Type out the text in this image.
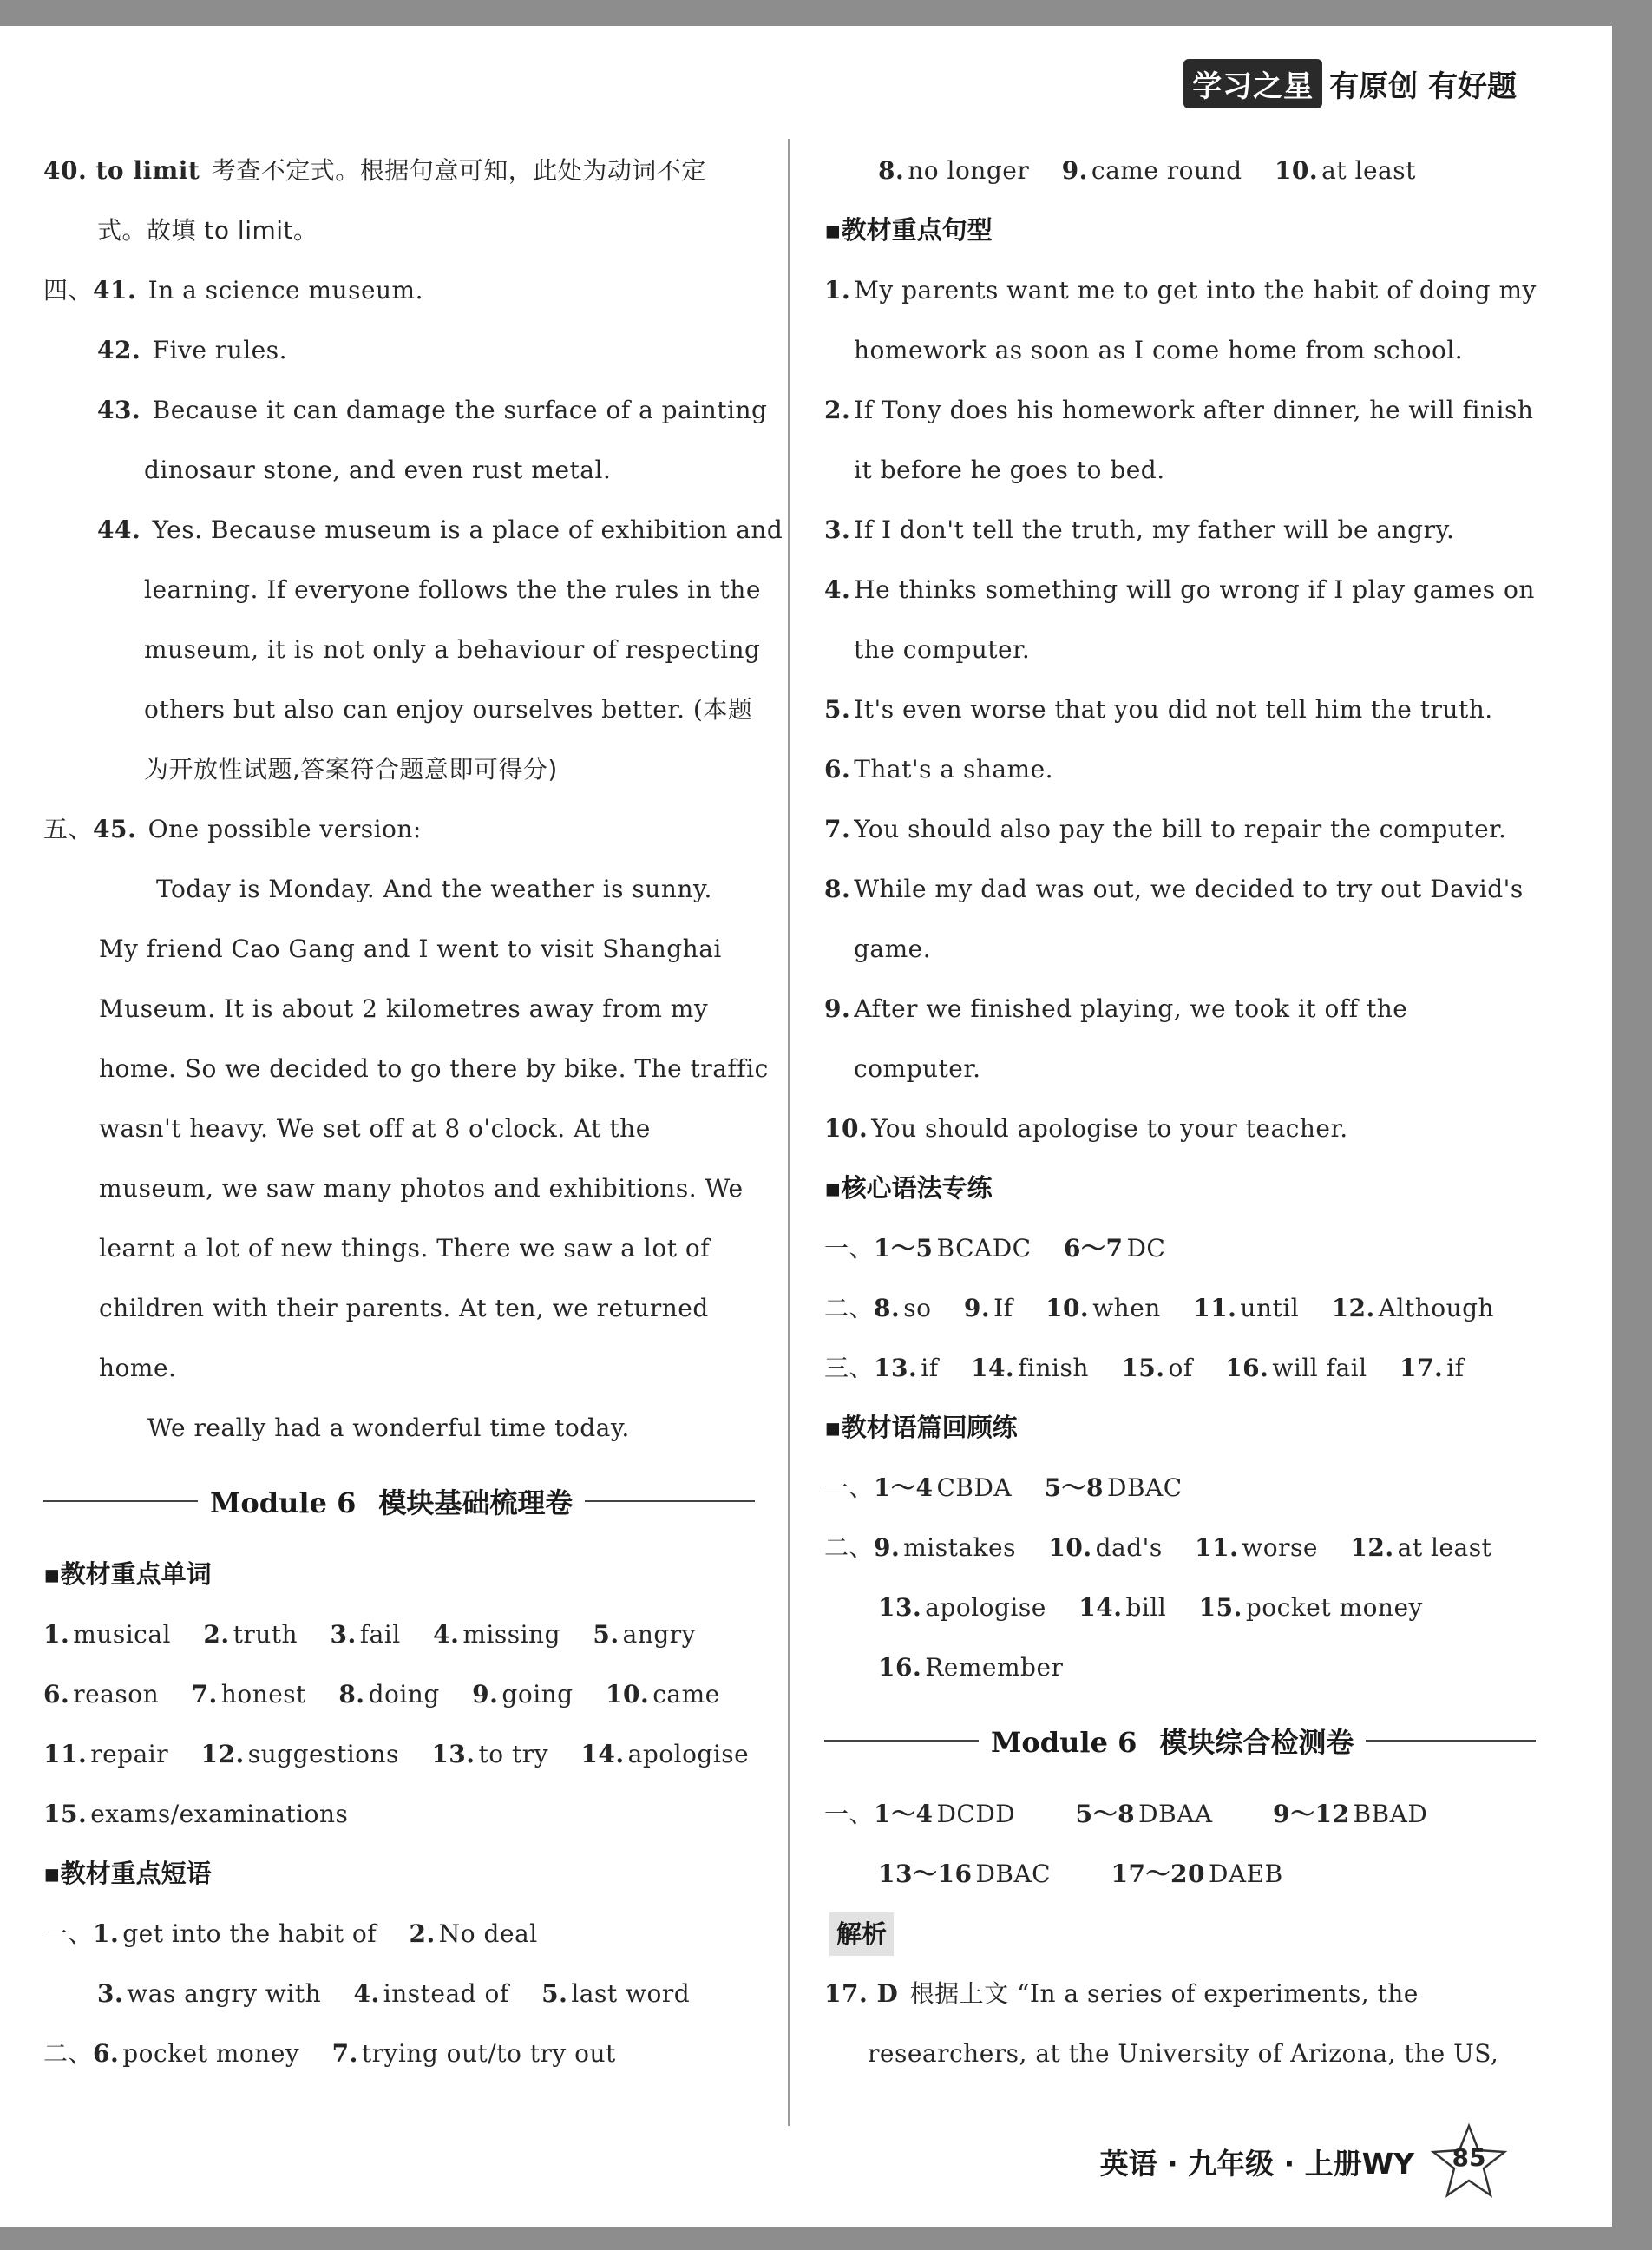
学习之星 有原创 有好题
40. to limit 考查不定式。根据句意可知，此处为动词不定
式。故填 to limit。
四、41. In a science museum.
42. Five rules.
43. Because it can damage the surface of a painting
dinosaur stone, and even rust metal.
44. Yes. Because museum is a place of exhibition and
learning. If everyone follows the the rules in the
museum, it is not only a behaviour of respecting
others but also can enjoy ourselves better. (本题
为开放性试题,答案符合题意即可得分)
五、45. One possible version:
Today is Monday. And the weather is sunny.
My friend Cao Gang and I went to visit Shanghai
Museum. It is about 2 kilometres away from my
home. So we decided to go there by bike. The traffic
wasn't heavy. We set off at 8 o'clock. At the
museum, we saw many photos and exhibitions. We
learnt a lot of new things. There we saw a lot of
children with their parents. At ten, we returned
home.
We really had a wonderful time today.
Module 6 模块基础梳理卷
▪教材重点单词
1. musical 2. truth 3. fail 4. missing 5. angry
6. reason 7. honest 8. doing 9. going 10. came
11. repair 12. suggestions 13. to try 14. apologise
15. exams/examinations
▪教材重点短语
一、1. get into the habit of 2. No deal
3. was angry with 4. instead of 5. last word
二、6. pocket money 7. trying out/to try out
8. no longer 9. came round 10. at least
▪教材重点句型
1. My parents want me to get into the habit of doing my
homework as soon as I come home from school.
2. If Tony does his homework after dinner, he will finish
it before he goes to bed.
3. If I don't tell the truth, my father will be angry.
4. He thinks something will go wrong if I play games on
the computer.
5. It's even worse that you did not tell him the truth.
6. That's a shame.
7. You should also pay the bill to repair the computer.
8. While my dad was out, we decided to try out David's
game.
9. After we finished playing, we took it off the
computer.
10. You should apologise to your teacher.
▪核心语法专练
一、1～5 BCADC 6～7 DC
二、8. so 9. If 10. when 11. until 12. Although
三、13. if 14. finish 15. of 16. will fail 17. if
▪教材语篇回顾练
一、1～4 CBDA 5～8 DBAC
二、9. mistakes 10. dad's 11. worse 12. at least
13. apologise 14. bill 15. pocket money
16. Remember
Module 6 模块综合检测卷
一、1～4 DCDD 5～8 DBAA 9～12 BBAD
13～16 DBAC 17～20 DAEB
解析
17. D 根据上文 “In a series of experiments, the
researchers, at the University of Arizona, the US,
英语 · 九年级 · 上册WY	85
